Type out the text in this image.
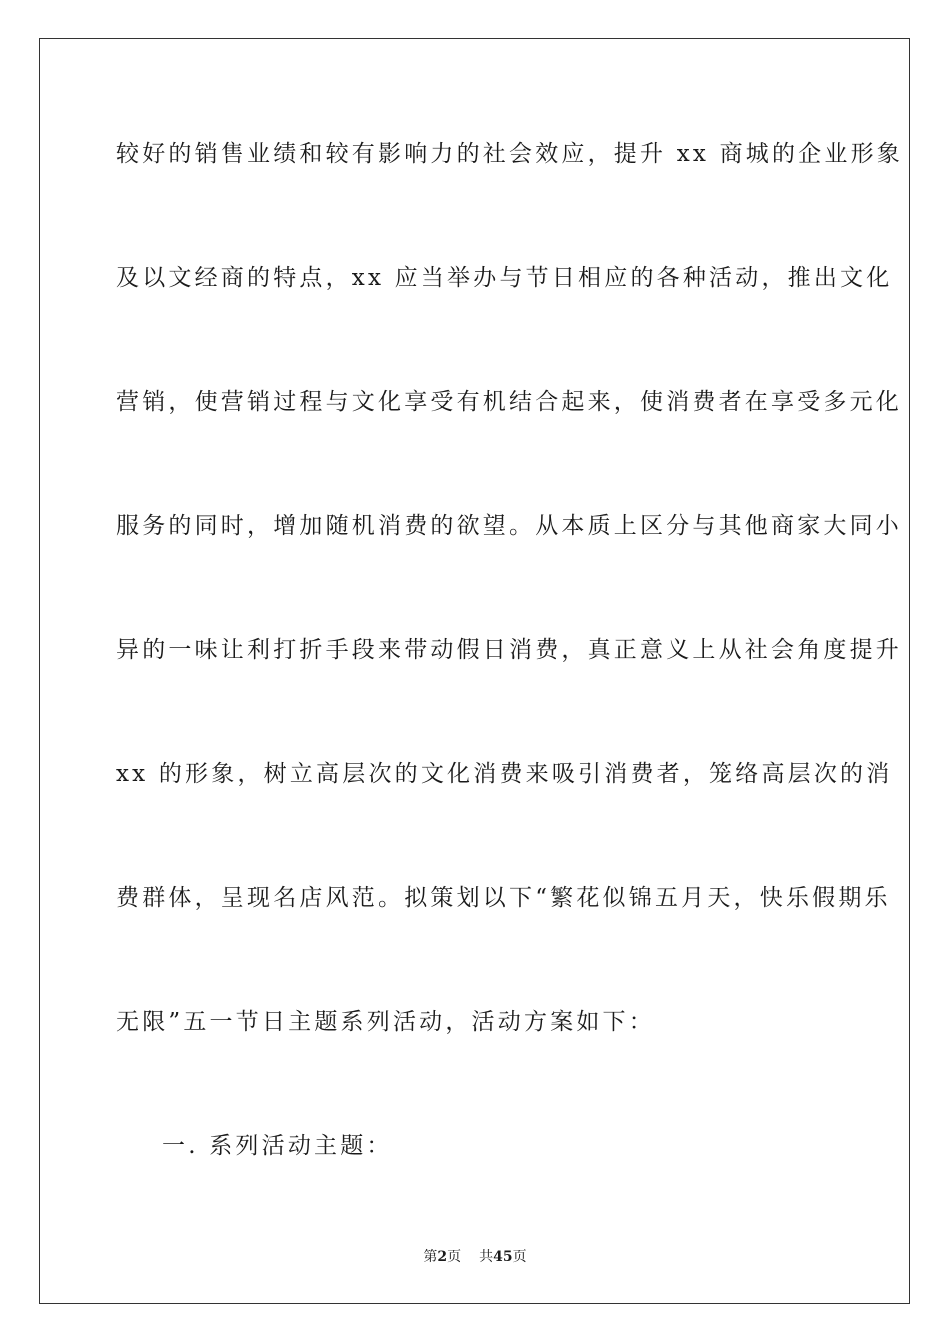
较好的销售业绩和较有影响力的社会效应，提升 xx 商城的企业形象
及以文经商的特点，xx 应当举办与节日相应的各种活动，推出文化
营销，使营销过程与文化享受有机结合起来，使消费者在享受多元化
服务的同时，增加随机消费的欲望。从本质上区分与其他商家大同小
异的一味让利打折手段来带动假日消费，真正意义上从社会角度提升
xx 的形象，树立高层次的文化消费来吸引消费者，笼络高层次的消
费群体，呈现名店风范。拟策划以下“繁花似锦五月天，快乐假期乐
无限”五一节日主题系列活动，活动方案如下：
一. 系列活动主题：
第2页 共45页
